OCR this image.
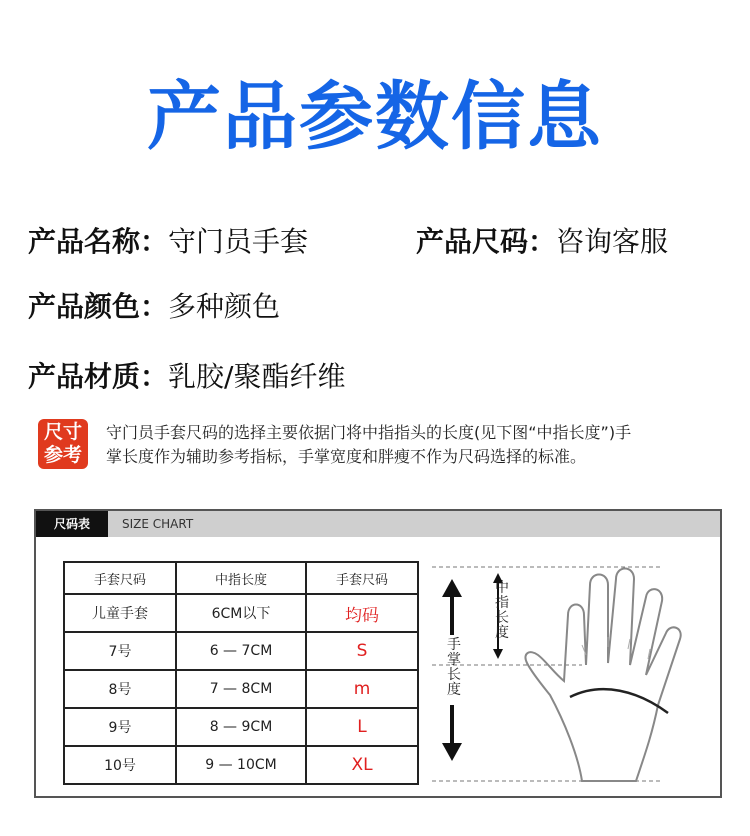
产品参数信息
产品名称：守门员手套	产品尺码：咨询客服
产品颜色：多种颜色
产品材质：乳胶/聚酯纤维
尺寸
参考
守门员手套尺码的选择主要依据门将中指指头的长度(见下图“中指长度”)手
掌长度作为辅助参考指标，手掌宽度和胖瘦不作为尺码选择的标准。
尺码表	SIZE CHART
手套尺码	中指长度	手套尺码
儿童手套	6CM以下	均码
7号	6 — 7CM	S
8号	7 — 8CM	m
9号	8 — 9CM	L
10号	9 — 10CM	XL
中指长度
手掌长度
